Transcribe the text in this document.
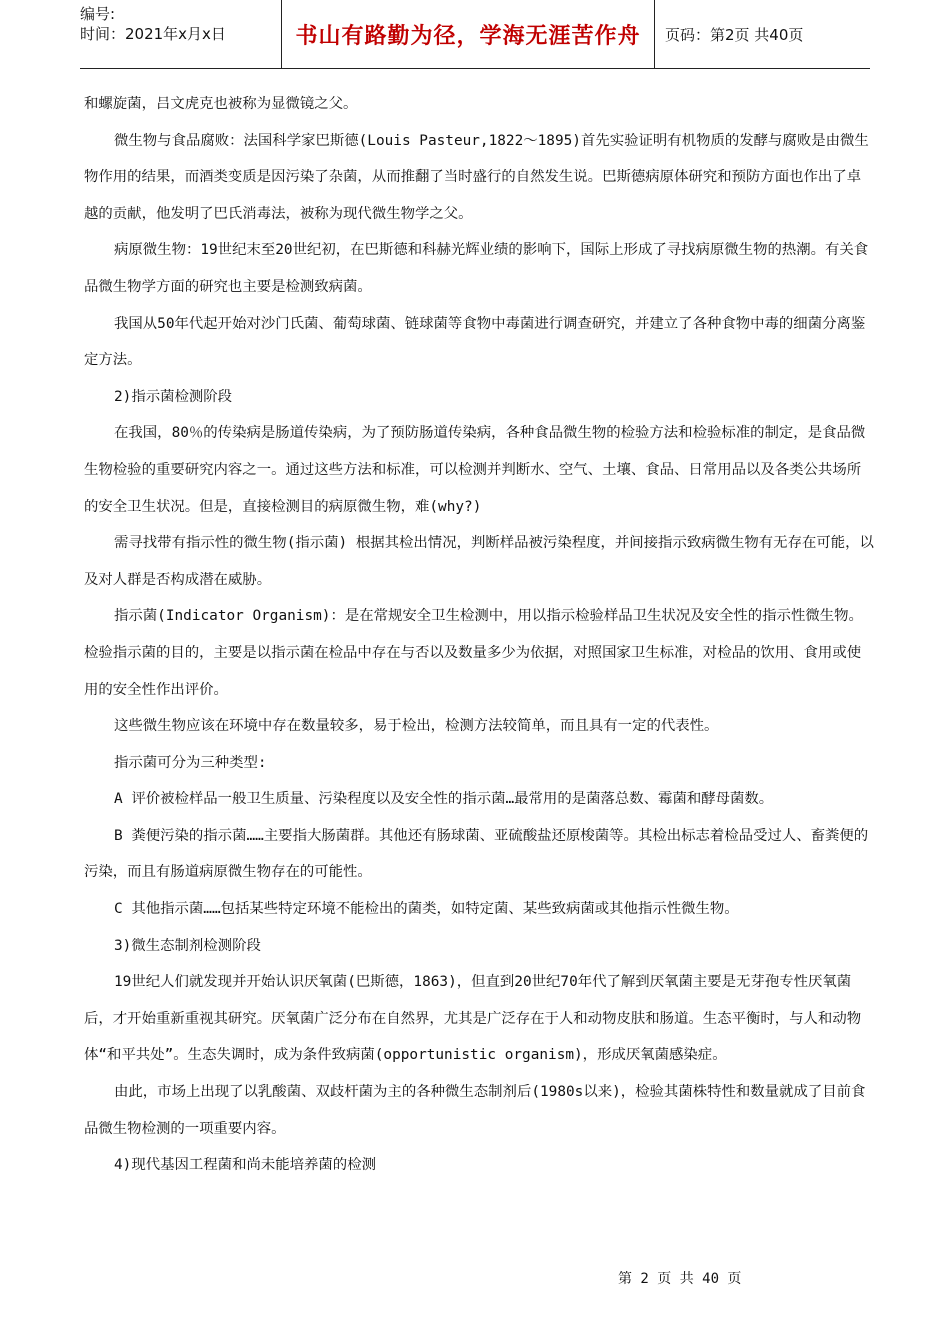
编号:
时间：2021年x月x日	书山有路勤为径，学海无涯苦作舟 页码：第2页 共40页

和螺旋菌，吕文虎克也被称为显微镜之父。

微生物与食品腐败：法国科学家巴斯德(Louis Pasteur,1822～1895)首先实验证明有机物质的发酵与腐败是由微生物作用的结果，而酒类变质是因污染了杂菌，从而推翻了当时盛行的自然发生说。巴斯德病原体研究和预防方面也作出了卓越的贡献，他发明了巴氏消毒法，被称为现代微生物学之父。

病原微生物：19世纪末至20世纪初，在巴斯德和科赫光辉业绩的影响下，国际上形成了寻找病原微生物的热潮。有关食品微生物学方面的研究也主要是检测致病菌。

我国从50年代起开始对沙门氏菌、葡萄球菌、链球菌等食物中毒菌进行调查研究，并建立了各种食物中毒的细菌分离鉴定方法。

2)指示菌检测阶段

在我国，80％的传染病是肠道传染病，为了预防肠道传染病，各种食品微生物的检验方法和检验标准的制定，是食品微生物检验的重要研究内容之一。通过这些方法和标准，可以检测并判断水、空气、土壤、食品、日常用品以及各类公共场所的安全卫生状况。但是，直接检测目的病原微生物，难(why?)

需寻找带有指示性的微生物(指示菌) 根据其检出情况，判断样品被污染程度，并间接指示致病微生物有无存在可能，以及对人群是否构成潜在威胁。

指示菌(Indicator Organism)：是在常规安全卫生检测中，用以指示检验样品卫生状况及安全性的指示性微生物。检验指示菌的目的，主要是以指示菌在检品中存在与否以及数量多少为依据，对照国家卫生标准，对检品的饮用、食用或使用的安全性作出评价。

这些微生物应该在环境中存在数量较多，易于检出，检测方法较简单，而且具有一定的代表性。

指示菌可分为三种类型:

A 评价被检样品一般卫生质量、污染程度以及安全性的指示菌…最常用的是菌落总数、霉菌和酵母菌数。

B 粪便污染的指示菌……主要指大肠菌群。其他还有肠球菌、亚硫酸盐还原梭菌等。其检出标志着检品受过人、畜粪便的污染，而且有肠道病原微生物存在的可能性。

C 其他指示菌……包括某些特定环境不能检出的菌类，如特定菌、某些致病菌或其他指示性微生物。

3)微生态制剂检测阶段

19世纪人们就发现并开始认识厌氧菌(巴斯德，1863)，但直到20世纪70年代了解到厌氧菌主要是无芽孢专性厌氧菌后，才开始重新重视其研究。厌氧菌广泛分布在自然界，尤其是广泛存在于人和动物皮肤和肠道。生态平衡时，与人和动物体“和平共处”。生态失调时，成为条件致病菌(opportunistic organism)，形成厌氧菌感染症。

由此，市场上出现了以乳酸菌、双歧杆菌为主的各种微生态制剂后(1980s以来)，检验其菌株特性和数量就成了目前食品微生物检测的一项重要内容。

4)现代基因工程菌和尚未能培养菌的检测

第 2 页 共 40 页
